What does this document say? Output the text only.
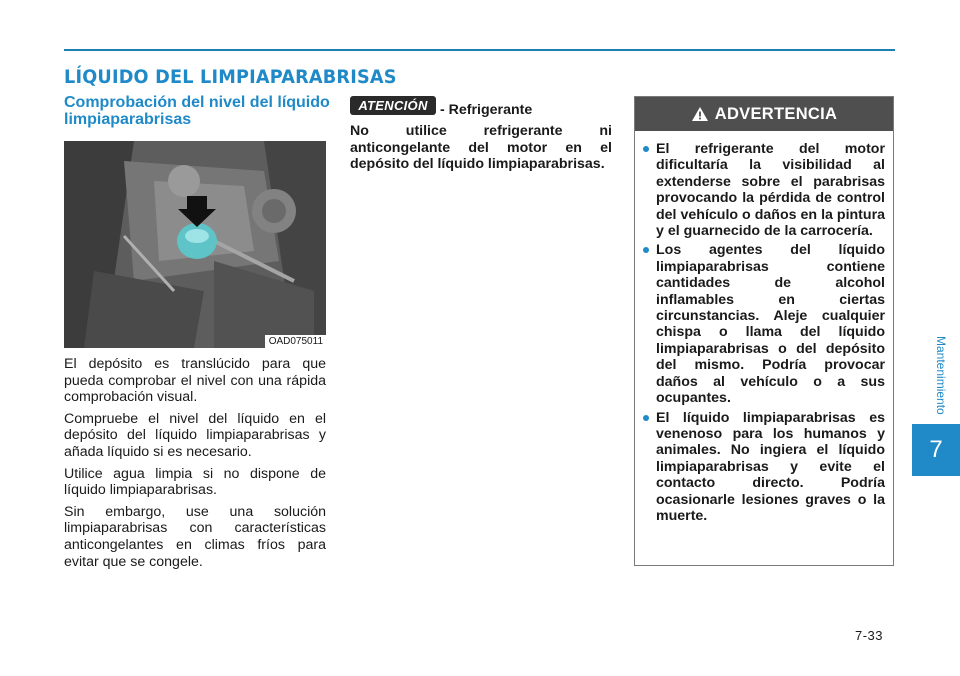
LÍQUIDO DEL LIMPIAPARABRISAS
Mantenimiento
7
7-33
Comprobación del nivel del líquido limpiaparabrisas
OAD075011

El depósito es translúcido para que pueda comprobar el nivel con una rápida comprobación visual.

Compruebe el nivel del líquido en el depósito del líquido limpiaparabrisas y añada líquido si es necesario.

Utilice agua limpia si no dispone de líquido limpiaparabrisas.

Sin embargo, use una solución limpiaparabrisas con características anticongelantes en climas fríos para evitar que se congele.

ATENCIÓN - Refrigerante
No utilice refrigerante ni anticongelante del motor en el depósito del líquido limpiaparabrisas.
ADVERTENCIA
El refrigerante del motor dificultaría la visibilidad al extenderse sobre el parabrisas provocando la pérdida de control del vehículo o daños en la pintura y el guarnecido de la carrocería.
Los agentes del líquido limpiaparabrisas contiene cantidades de alcohol inflamables en ciertas circunstancias. Aleje cualquier chispa o llama del líquido limpiaparabrisas o del depósito del mismo. Podría provocar daños al vehículo o a sus ocupantes.
El líquido limpiaparabrisas es venenoso para los humanos y animales. No ingiera el líquido limpiaparabrisas y evite el contacto directo. Podría ocasionarle lesiones graves o la muerte.
